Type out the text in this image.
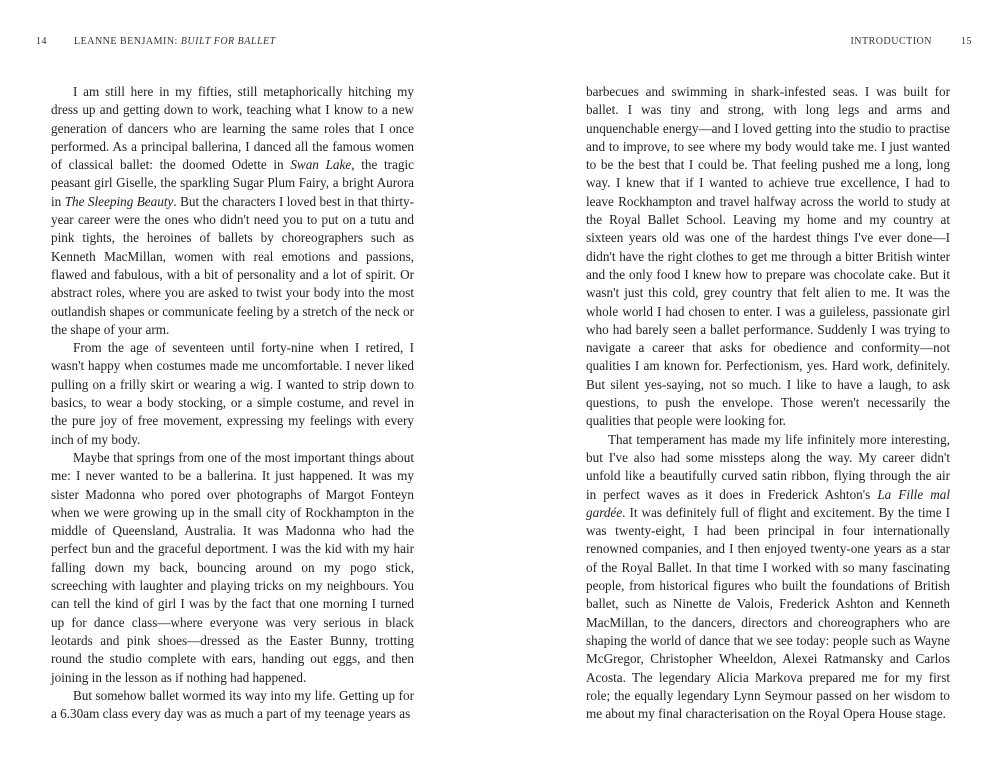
14	LEANNE BENJAMIN: BUILT FOR BALLET

I am still here in my fifties, still metaphorically hitching my dress up and getting down to work, teaching what I know to a new generation of dancers who are learning the same roles that I once performed. As a principal ballerina, I danced all the famous women of classical ballet: the doomed Odette in Swan Lake, the tragic peasant girl Giselle, the sparkling Sugar Plum Fairy, a bright Aurora in The Sleeping Beauty. But the characters I loved best in that thirty-year career were the ones who didn't need you to put on a tutu and pink tights, the heroines of ballets by choreographers such as Kenneth MacMillan, women with real emotions and passions, flawed and fabulous, with a bit of personality and a lot of spirit. Or abstract roles, where you are asked to twist your body into the most outlandish shapes or communicate feeling by a stretch of the neck or the shape of your arm.

From the age of seventeen until forty-nine when I retired, I wasn't happy when costumes made me uncomfortable. I never liked pulling on a frilly skirt or wearing a wig. I wanted to strip down to basics, to wear a body stocking, or a simple costume, and revel in the pure joy of free movement, expressing my feelings with every inch of my body.

Maybe that springs from one of the most important things about me: I never wanted to be a ballerina. It just happened. It was my sister Madonna who pored over photographs of Margot Fonteyn when we were growing up in the small city of Rockhampton in the middle of Queensland, Australia. It was Madonna who had the perfect bun and the graceful deportment. I was the kid with my hair falling down my back, bouncing around on my pogo stick, screeching with laughter and playing tricks on my neighbours. You can tell the kind of girl I was by the fact that one morning I turned up for dance class—where everyone was very serious in black leotards and pink shoes—dressed as the Easter Bunny, trotting round the studio complete with ears, handing out eggs, and then joining in the lesson as if nothing had happened.

But somehow ballet wormed its way into my life. Getting up for a 6.30am class every day was as much a part of my teenage years as

INTRODUCTION	15

barbecues and swimming in shark-infested seas. I was built for ballet. I was tiny and strong, with long legs and arms and unquenchable energy—and I loved getting into the studio to practise and to improve, to see where my body would take me. I just wanted to be the best that I could be. That feeling pushed me a long, long way. I knew that if I wanted to achieve true excellence, I had to leave Rockhampton and travel halfway across the world to study at the Royal Ballet School. Leaving my home and my country at sixteen years old was one of the hardest things I've ever done—I didn't have the right clothes to get me through a bitter British winter and the only food I knew how to prepare was chocolate cake. But it wasn't just this cold, grey country that felt alien to me. It was the whole world I had chosen to enter. I was a guileless, passionate girl who had barely seen a ballet performance. Suddenly I was trying to navigate a career that asks for obedience and conformity—not qualities I am known for. Perfectionism, yes. Hard work, definitely. But silent yes-saying, not so much. I like to have a laugh, to ask questions, to push the envelope. Those weren't necessarily the qualities that people were looking for.

That temperament has made my life infinitely more interesting, but I've also had some missteps along the way. My career didn't unfold like a beautifully curved satin ribbon, flying through the air in perfect waves as it does in Frederick Ashton's La Fille mal gardée. It was definitely full of flight and excitement. By the time I was twenty-eight, I had been principal in four internationally renowned companies, and I then enjoyed twenty-one years as a star of the Royal Ballet. In that time I worked with so many fascinating people, from historical figures who built the foundations of British ballet, such as Ninette de Valois, Frederick Ashton and Kenneth MacMillan, to the dancers, directors and choreographers who are shaping the world of dance that we see today: people such as Wayne McGregor, Christopher Wheeldon, Alexei Ratmansky and Carlos Acosta. The legendary Alicia Markova prepared me for my first role; the equally legendary Lynn Seymour passed on her wisdom to me about my final characterisation on the Royal Opera House stage.
